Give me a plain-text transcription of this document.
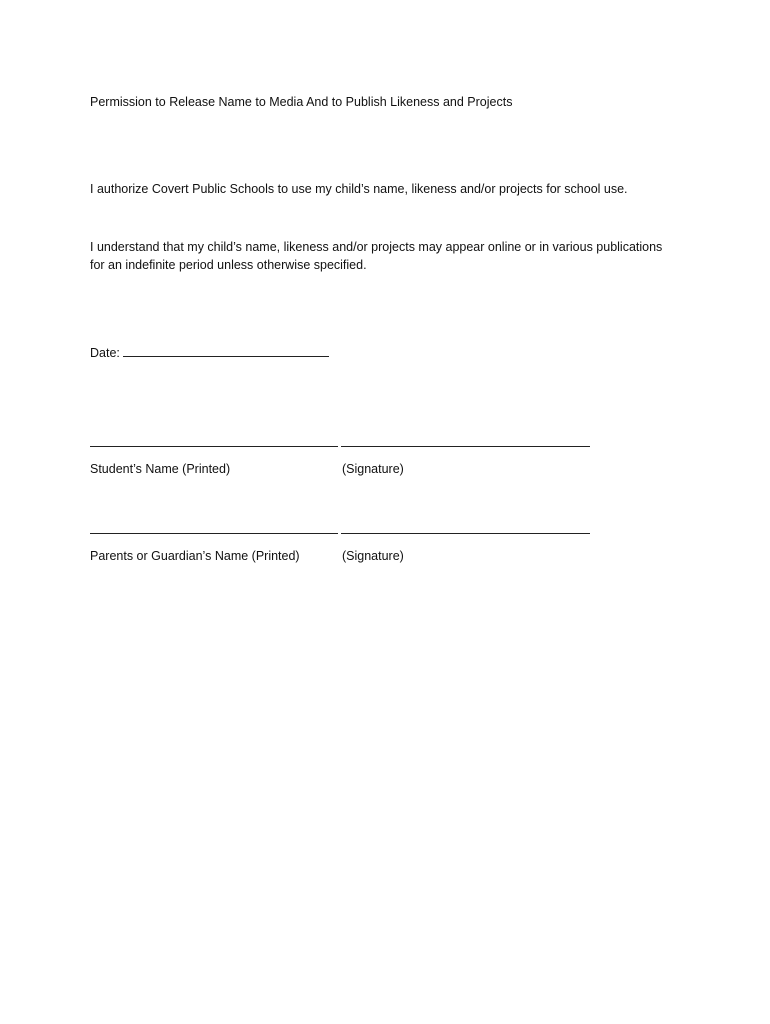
Permission to Release Name to Media And to Publish Likeness and Projects
I authorize Covert Public Schools to use my child’s name, likeness and/or projects for school use.
I understand that my child’s name, likeness and/or projects may appear online or in various publications
for an indefinite period unless otherwise specified.
Date:
Student’s Name (Printed)	(Signature)
Parents or Guardian’s Name (Printed)	(Signature)
